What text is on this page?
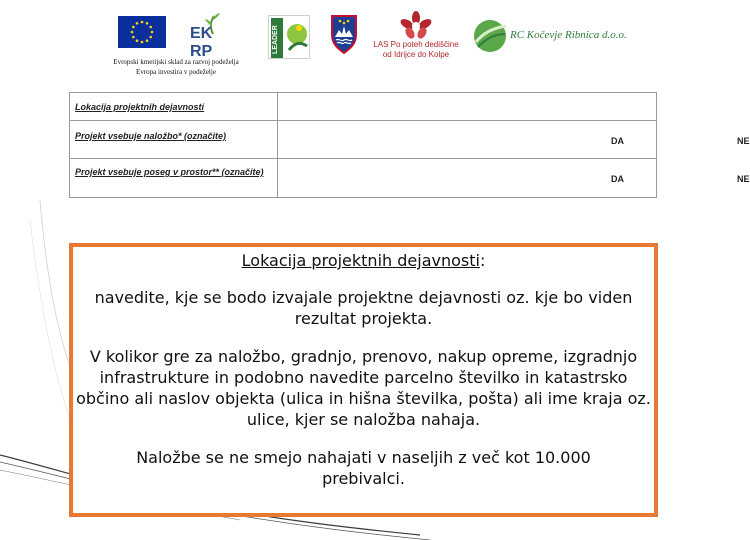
EK RP	LEADER	LAS Po poteh dediščine
od Idrijce do Kolpe
RC Kočevje Ribnica d.o.o.
Evropski kmetijski sklad za razvoj podeželja
Evropa investira v podeželje
Lokacija projektnih dejavnosti	
Projekt vsebuje naložbo* (označite)	DA NE

Projekt vsebuje poseg v prostor** (označite)	DA NE
Lokacija projektnih dejavnosti:
navedite, kje se bodo izvajale projektne dejavnosti oz. kje bo viden rezultat projekta.
V kolikor gre za naložbo, gradnjo, prenovo, nakup opreme, izgradnjo infrastrukture in podobno navedite parcelno številko in katastrsko občino ali naslov objekta (ulica in hišna številka, pošta) ali ime kraja oz. ulice, kjer se naložba nahaja.
Naložbe se ne smejo nahajati v naseljih z več kot 10.000 prebivalci.
